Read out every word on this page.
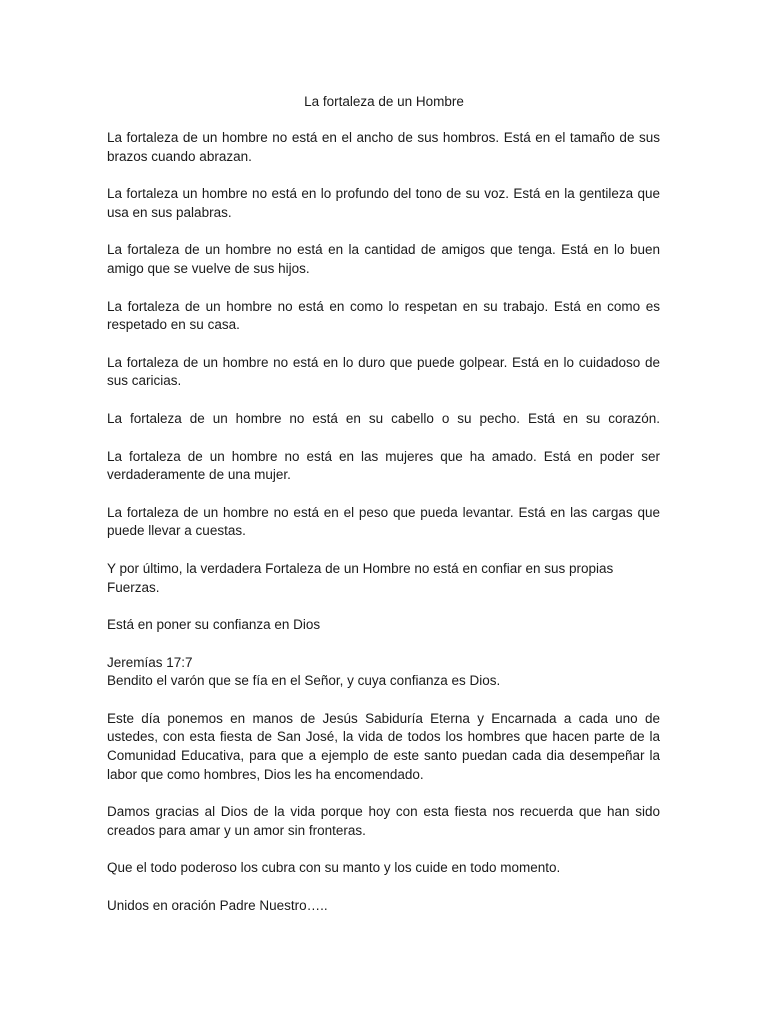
La fortaleza de un Hombre

La fortaleza de un hombre no está en el ancho de sus hombros. Está en el tamaño de sus brazos cuando abrazan.

La fortaleza un hombre no está en lo profundo del tono de su voz. Está en la gentileza que usa en sus palabras.

La fortaleza de un hombre no está en la cantidad de amigos que tenga. Está en lo buen amigo que se vuelve de sus hijos.

La fortaleza de un hombre no está en como lo respetan en su trabajo. Está en como es respetado en su casa.

La fortaleza de un hombre no está en lo duro que puede golpear. Está en lo cuidadoso de sus caricias.

La fortaleza de un hombre no está en su cabello o su pecho. Está en su corazón.

La fortaleza de un hombre no está en las mujeres que ha amado. Está en poder ser verdaderamente de una mujer.

La fortaleza de un hombre no está en el peso que pueda levantar. Está en las cargas que puede llevar a cuestas.

Y por último, la verdadera Fortaleza de un Hombre no está en confiar en sus propias Fuerzas.

Está en poner su confianza en Dios

Jeremías 17:7
Bendito el varón que se fía en el Señor, y cuya confianza es Dios.

Este día ponemos en manos de Jesús Sabiduría Eterna y Encarnada a cada uno de ustedes, con esta fiesta de San José, la vida de todos los hombres que hacen parte de la Comunidad Educativa, para que a ejemplo de este santo puedan cada dia desempeñar la labor que como hombres, Dios les ha encomendado.

Damos gracias al Dios de la vida porque hoy con esta fiesta nos recuerda que han sido creados para amar y un amor sin fronteras.

Que el todo poderoso los cubra con su manto y los cuide en todo momento.

Unidos en oración Padre Nuestro…..
